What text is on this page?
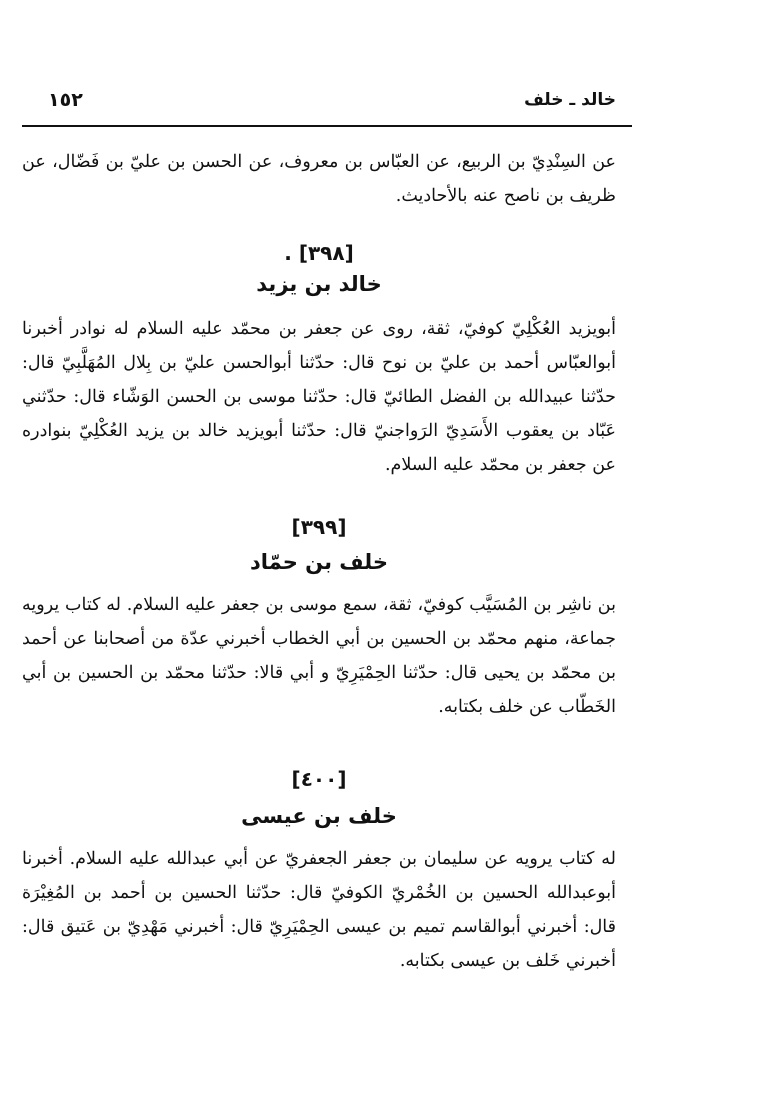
١٥٢	خالد ـ خلف

عن السِنْدِيّ بن الربيع، عن العبّاس بن معروف، عن الحسن بن عليّ بن فَضّال، عن ظريف بن ناصح عنه بالأحاديث.

[٣٩٨] .
خالد بن يزيد

أبويزيد العُكْلِيّ كوفيّ، ثقة، روى عن جعفر بن محمّد عليه السلام له نوادر أخبرنا أبوالعبّاس أحمد بن عليّ بن نوح قال: حدّثنا أبوالحسن عليّ بن بِلال المُهَلَّبِيّ قال: حدّثنا عبيدالله بن الفضل الطائيّ قال: حدّثنا موسى بن الحسن الوَشّاء قال: حدّثني عَبّاد بن يعقوب الأَسَدِيّ الرَواجنيّ قال: حدّثنا أبويزيد خالد بن يزيد العُكْلِيّ بنوادره عن جعفر بن محمّد عليه السلام.

[٣٩٩]
خلف بن حمّاد

بن ناشِر بن المُسَيَّب كوفيّ، ثقة، سمع موسى بن جعفر عليه السلام. له كتاب يرويه جماعة، منهم محمّد بن الحسين بن أبي الخطاب أخبرني عدّة من أصحابنا عن أحمد بن محمّد بن يحيى قال: حدّثنا الحِمْيَرِيّ و أبي قالا: حدّثنا محمّد بن الحسين بن أبي الخَطّاب عن خلف بكتابه.

[٤٠٠]
خلف بن عيسى

له كتاب يرويه عن سليمان بن جعفر الجعفريّ عن أبي عبدالله عليه السلام. أخبرنا أبوعبدالله الحسين بن الخُمْريّ الكوفيّ قال: حدّثنا الحسين بن أحمد بن المُغِيْرَة قال: أخبرني أبوالقاسم تميم بن عيسى الحِمْيَرِيّ قال: أخبرني مَهْدِيّ بن عَتيق قال: أخبرني خَلف بن عيسى بكتابه.
